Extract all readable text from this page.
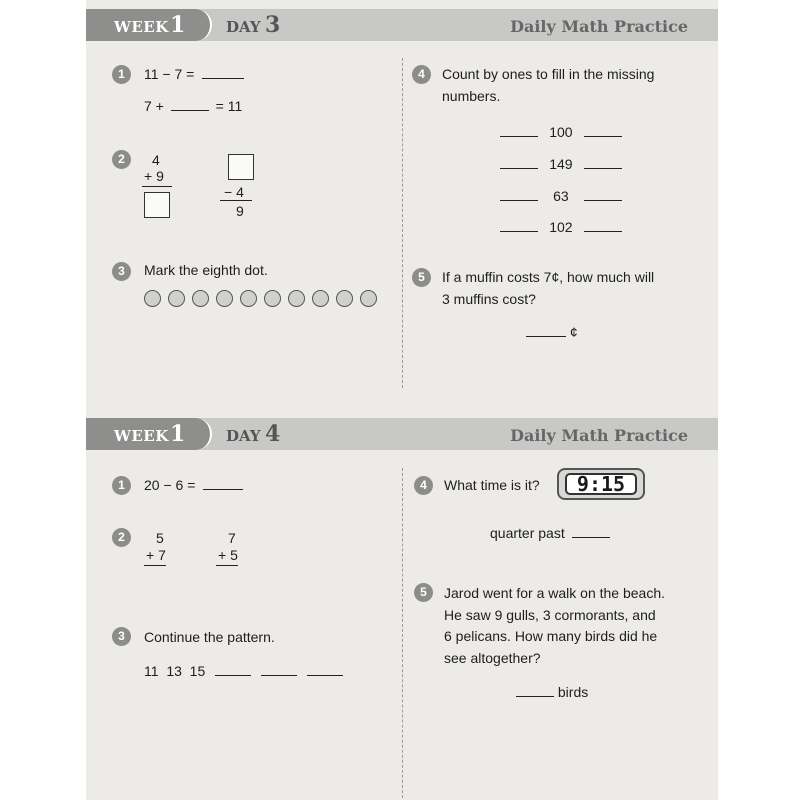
WEEK 1	DAY 3	Daily Math Practice
1	11 − 7 =
7 +	= 11
2	4
+ 9
− 4
9
3	Mark the eighth dot.
4	Count by ones to fill in the missing
numbers.
100
149
63
102
5	If a muffin costs 7¢, how much will
3 muffins cost?
¢
WEEK 1	DAY 4	Daily Math Practice
1	20 − 6 =
2	5
+ 7
7
+ 5
3	Continue the pattern.
11  13  15
4	What time is it?	9:15
quarter past
5	Jarod went for a walk on the beach.
He saw 9 gulls, 3 cormorants, and
6 pelicans. How many birds did he
see altogether?
birds
